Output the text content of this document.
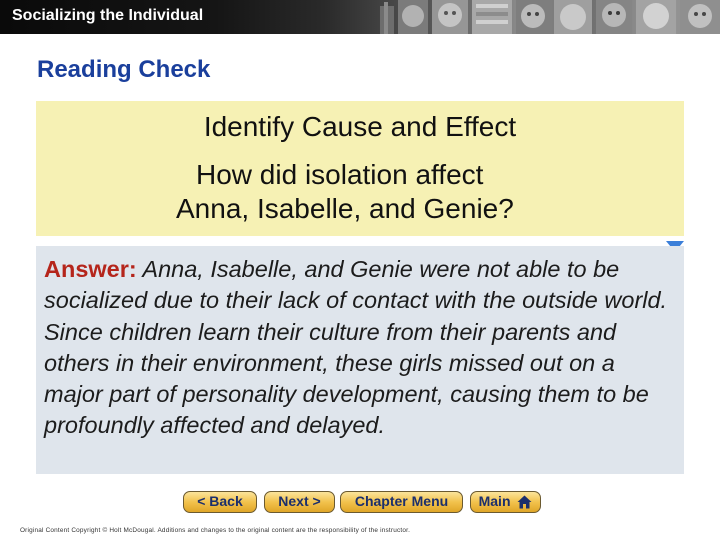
Socializing the Individual
Reading Check
Identify Cause and Effect
How did isolation affect
Anna, Isabelle, and Genie?
Answer: Anna, Isabelle, and Genie were not able to be socialized due to their lack of contact with the outside world. Since children learn their culture from their parents and others in their environment, these girls missed out on a major part of personality development, causing them to be profoundly affected and delayed.
< Back	Next >	Chapter Menu	Main
Original Content Copyright © Holt McDougal. Additions and changes to the original content are the responsibility of the instructor.
